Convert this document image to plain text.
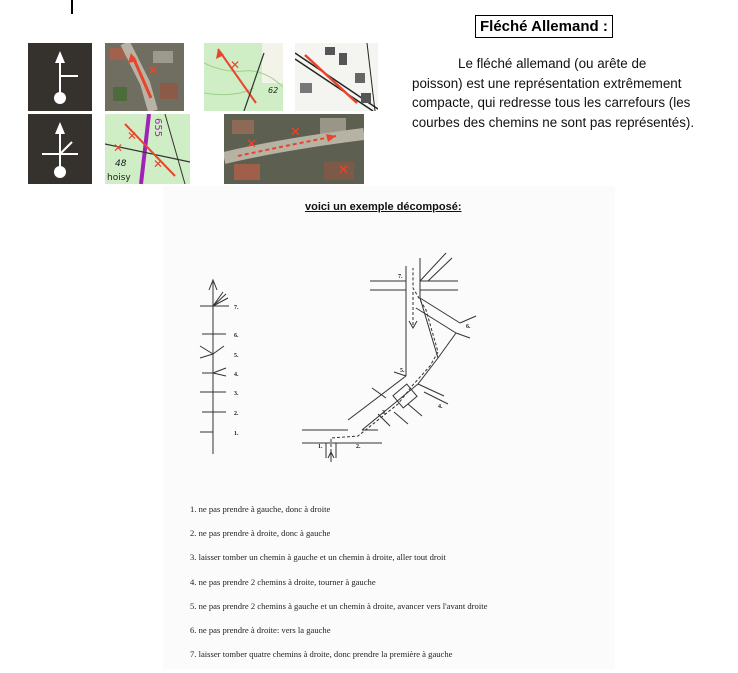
✕	✕
62
✕
✕
✕
655
48
hoisy
✕
✕
✕
Fléché Allemand :
Le fléché allemand (ou arête de poisson) est une représentation extrêmement compacte, qui redresse tous les carrefours (les courbes des chemins ne sont pas représentés).
voici un exemple décomposé:
7.
6.
5.
4.
3.
2.
1.
7.
6.
5.
4.
3.
2.
1.
1. ne pas prendre à gauche, donc à droite
2. ne pas prendre à droite, donc à gauche
3. laisser tomber un chemin à gauche et un chemin à droite, aller tout droit
4. ne pas prendre 2 chemins à droite, tourner à gauche
5. ne pas prendre 2 chemins à gauche et un chemin à droite, avancer vers l'avant droite
6. ne pas prendre à droite: vers la gauche
7. laisser tomber quatre chemins à droite, donc prendre la première à gauche
